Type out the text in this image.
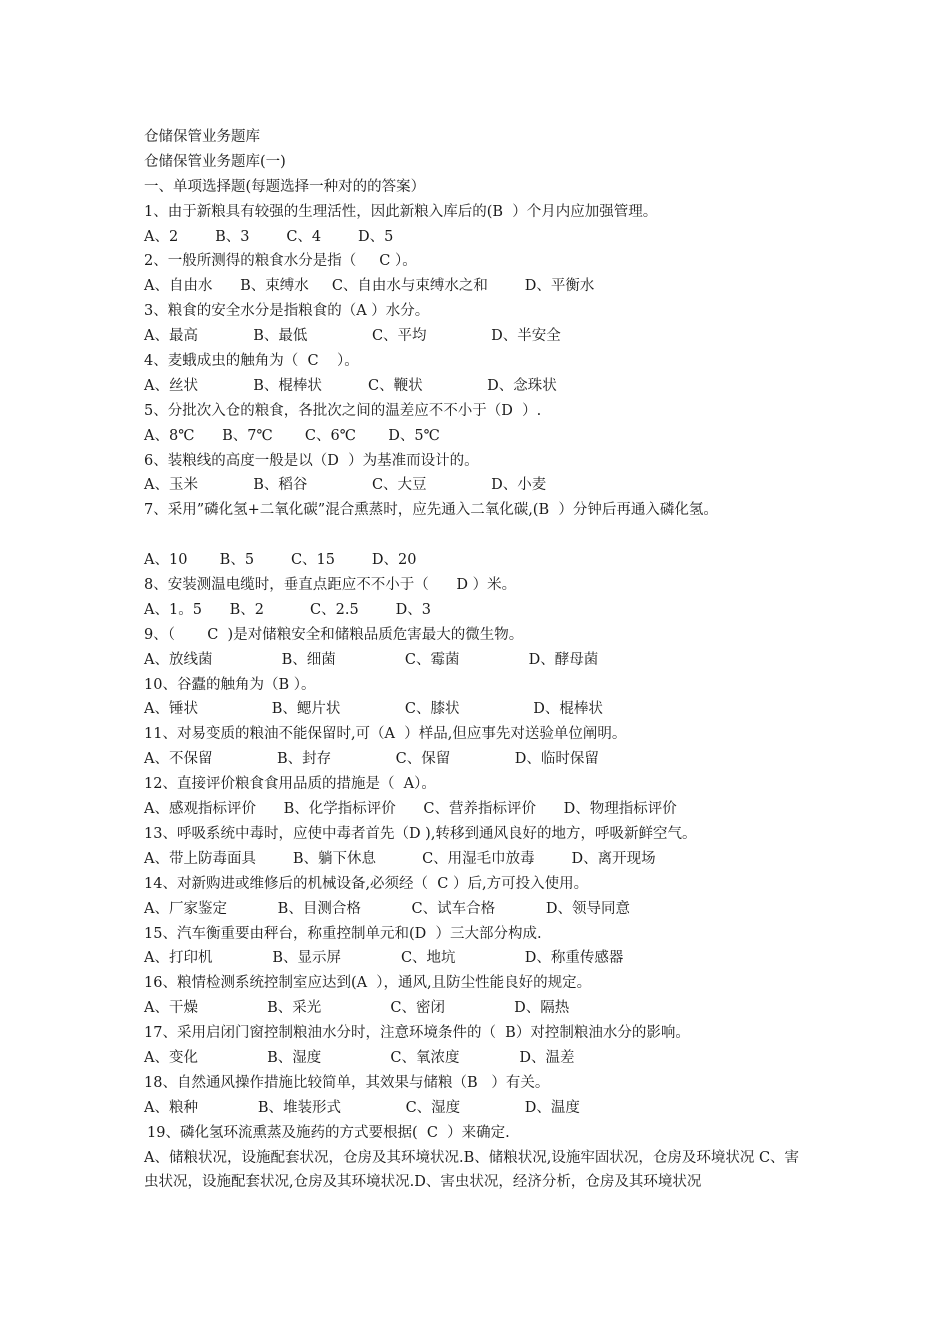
仓储保管业务题库
仓储保管业务题库(一)
一、单项选择题(每题选择一种对的的答案）
1、由于新粮具有较强的生理活性，因此新粮入库后的(B  ）个月内应加强管理。
A、2        B、3        C、4        D、5
2、一般所测得的粮食水分是指（     C ）。
A、自由水      B、束缚水     C、自由水与束缚水之和        D、平衡水
3、粮食的安全水分是指粮食的（A ）水分。
A、最高            B、最低              C、平均              D、半安全
4、麦蛾成虫的触角为（  C    ）。
A、丝状            B、棍棒状          C、鞭状              D、念珠状
5、分批次入仓的粮食，各批次之间的温差应不不小于（D  ）.
A、8℃      B、7℃       C、6℃       D、5℃
6、装粮线的高度一般是以（D  ）为基准而设计的。
A、玉米            B、稻谷              C、大豆              D、小麦
7、采用”磷化氢+二氧化碳”混合熏蒸时，应先通入二氧化碳,(B  ）分钟后再通入磷化氢。
A、10       B、5        C、15        D、20
8、安装测温电缆时，垂直点距应不不小于（      D ）米。
A、1。5      B、2          C、2.5        D、3
9、（       C  )是对储粮安全和储粮品质危害最大的微生物。
A、放线菌               B、细菌               C、霉菌               D、酵母菌
10、谷蠹的触角为（B ）。
A、锤状                B、鳃片状              C、膝状                D、棍棒状
11、对易变质的粮油不能保留时,可（A  ）样品,但应事先对送验单位阐明。
A、不保留              B、封存              C、保留              D、临时保留
12、直接评价粮食食用品质的措施是（  A）。
A、感观指标评价      B、化学指标评价      C、营养指标评价      D、物理指标评价
13、呼吸系统中毒时，应使中毒者首先（D ),转移到通风良好的地方，呼吸新鲜空气。
A、带上防毒面具        B、躺下休息          C、用湿毛巾放毒        D、离开现场
14、对新购进或维修后的机械设备,必须经（  C ）后,方可投入使用。
A、厂家鉴定           B、目测合格           C、试车合格           D、领导同意
15、汽车衡重要由秤台，称重控制单元和(D  ）三大部分构成.
A、打印机             B、显示屏             C、地坑               D、称重传感器
16、粮情检测系统控制室应达到(A  ），通风,且防尘性能良好的规定。
A、干燥               B、采光               C、密闭               D、隔热
17、采用启闭门窗控制粮油水分时，注意环境条件的（  B）对控制粮油水分的影响。
A、变化               B、湿度               C、氧浓度             D、温差
18、自然通风操作措施比较简单，其效果与储粮（B   ）有关。
A、粮种             B、堆装形式              C、湿度              D、温度
19、磷化氢环流熏蒸及施药的方式要根据(  C  ）来确定.
A、储粮状况，设施配套状况，仓房及其环境状况.B、储粮状况,设施牢固状况，仓房及环境状况 C、害虫状况，设施配套状况,仓房及其环境状况.D、害虫状况，经济分析，仓房及其环境状况
